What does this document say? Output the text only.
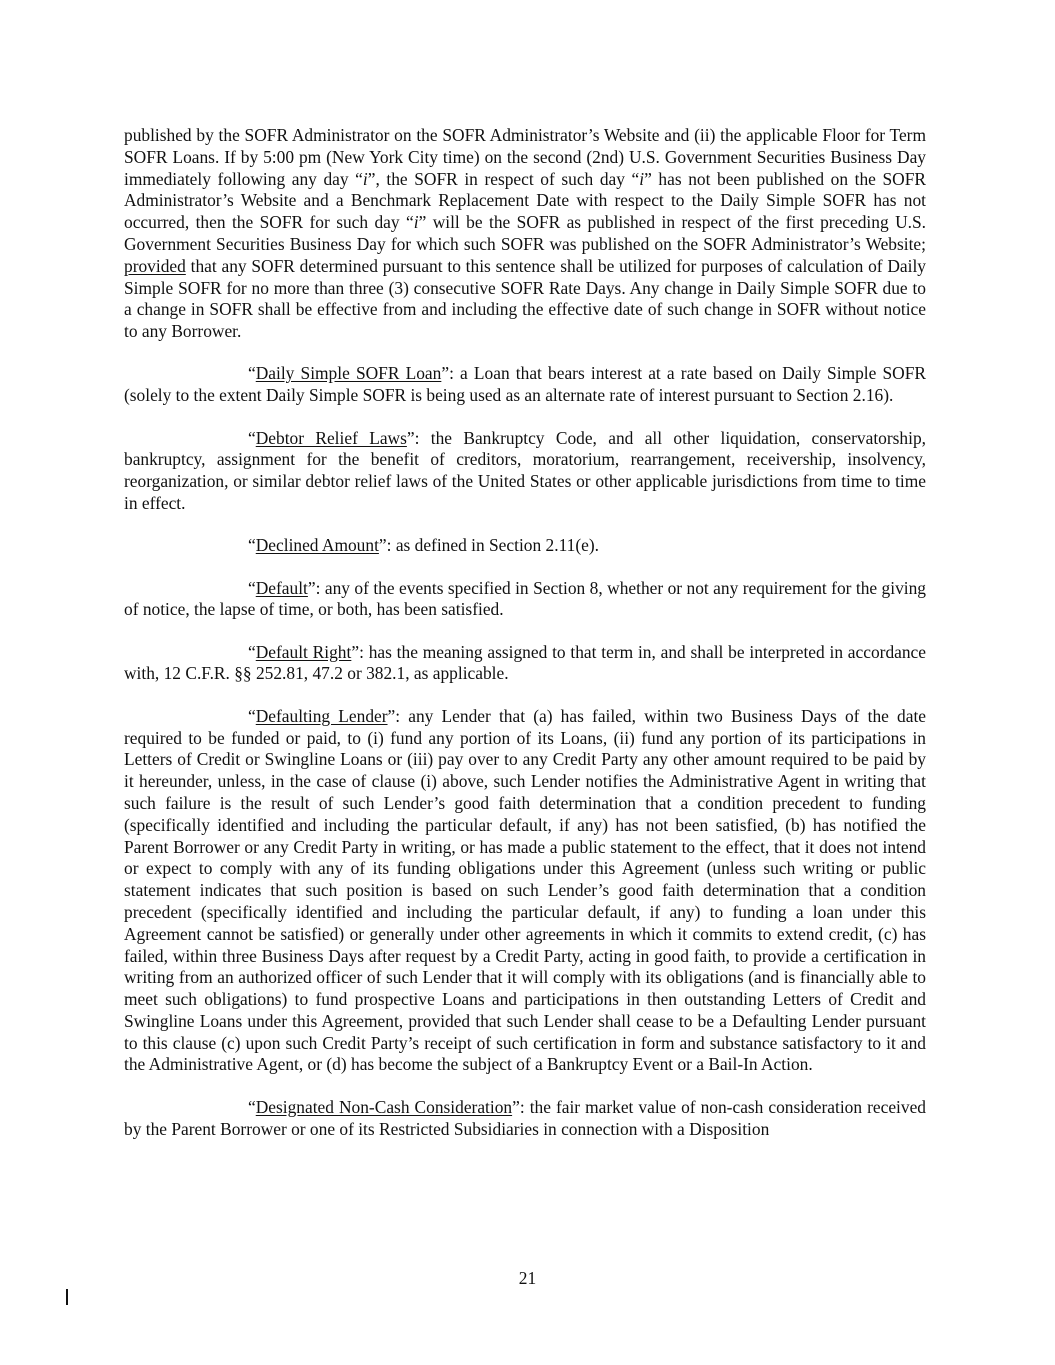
published by the SOFR Administrator on the SOFR Administrator’s Website and (ii) the applicable Floor for Term SOFR Loans. If by 5:00 pm (New York City time) on the second (2nd) U.S. Government Securities Business Day immediately following any day “i”, the SOFR in respect of such day “i” has not been published on the SOFR Administrator’s Website and a Benchmark Replacement Date with respect to the Daily Simple SOFR has not occurred, then the SOFR for such day “i” will be the SOFR as published in respect of the first preceding U.S. Government Securities Business Day for which such SOFR was published on the SOFR Administrator’s Website; provided that any SOFR determined pursuant to this sentence shall be utilized for purposes of calculation of Daily Simple SOFR for no more than three (3) consecutive SOFR Rate Days. Any change in Daily Simple SOFR due to a change in SOFR shall be effective from and including the effective date of such change in SOFR without notice to any Borrower.

“Daily Simple SOFR Loan”: a Loan that bears interest at a rate based on Daily Simple SOFR (solely to the extent Daily Simple SOFR is being used as an alternate rate of interest pursuant to Section 2.16).

“Debtor Relief Laws”: the Bankruptcy Code, and all other liquidation, conservatorship, bankruptcy, assignment for the benefit of creditors, moratorium, rearrangement, receivership, insolvency, reorganization, or similar debtor relief laws of the United States or other applicable jurisdictions from time to time in effect.

“Declined Amount”: as defined in Section 2.11(e).

“Default”: any of the events specified in Section 8, whether or not any requirement for the giving of notice, the lapse of time, or both, has been satisfied.

“Default Right”: has the meaning assigned to that term in, and shall be interpreted in accordance with, 12 C.F.R. §§ 252.81, 47.2 or 382.1, as applicable.

“Defaulting Lender”: any Lender that (a) has failed, within two Business Days of the date required to be funded or paid, to (i) fund any portion of its Loans, (ii) fund any portion of its participations in Letters of Credit or Swingline Loans or (iii) pay over to any Credit Party any other amount required to be paid by it hereunder, unless, in the case of clause (i) above, such Lender notifies the Administrative Agent in writing that such failure is the result of such Lender’s good faith determination that a condition precedent to funding (specifically identified and including the particular default, if any) has not been satisfied, (b) has notified the Parent Borrower or any Credit Party in writing, or has made a public statement to the effect, that it does not intend or expect to comply with any of its funding obligations under this Agreement (unless such writing or public statement indicates that such position is based on such Lender’s good faith determination that a condition precedent (specifically identified and including the particular default, if any) to funding a loan under this Agreement cannot be satisfied) or generally under other agreements in which it commits to extend credit, (c) has failed, within three Business Days after request by a Credit Party, acting in good faith, to provide a certification in writing from an authorized officer of such Lender that it will comply with its obligations (and is financially able to meet such obligations) to fund prospective Loans and participations in then outstanding Letters of Credit and Swingline Loans under this Agreement, provided that such Lender shall cease to be a Defaulting Lender pursuant to this clause (c) upon such Credit Party’s receipt of such certification in form and substance satisfactory to it and the Administrative Agent, or (d) has become the subject of a Bankruptcy Event or a Bail-In Action.

“Designated Non-Cash Consideration”: the fair market value of non-cash consideration received by the Parent Borrower or one of its Restricted Subsidiaries in connection with a Disposition

21
